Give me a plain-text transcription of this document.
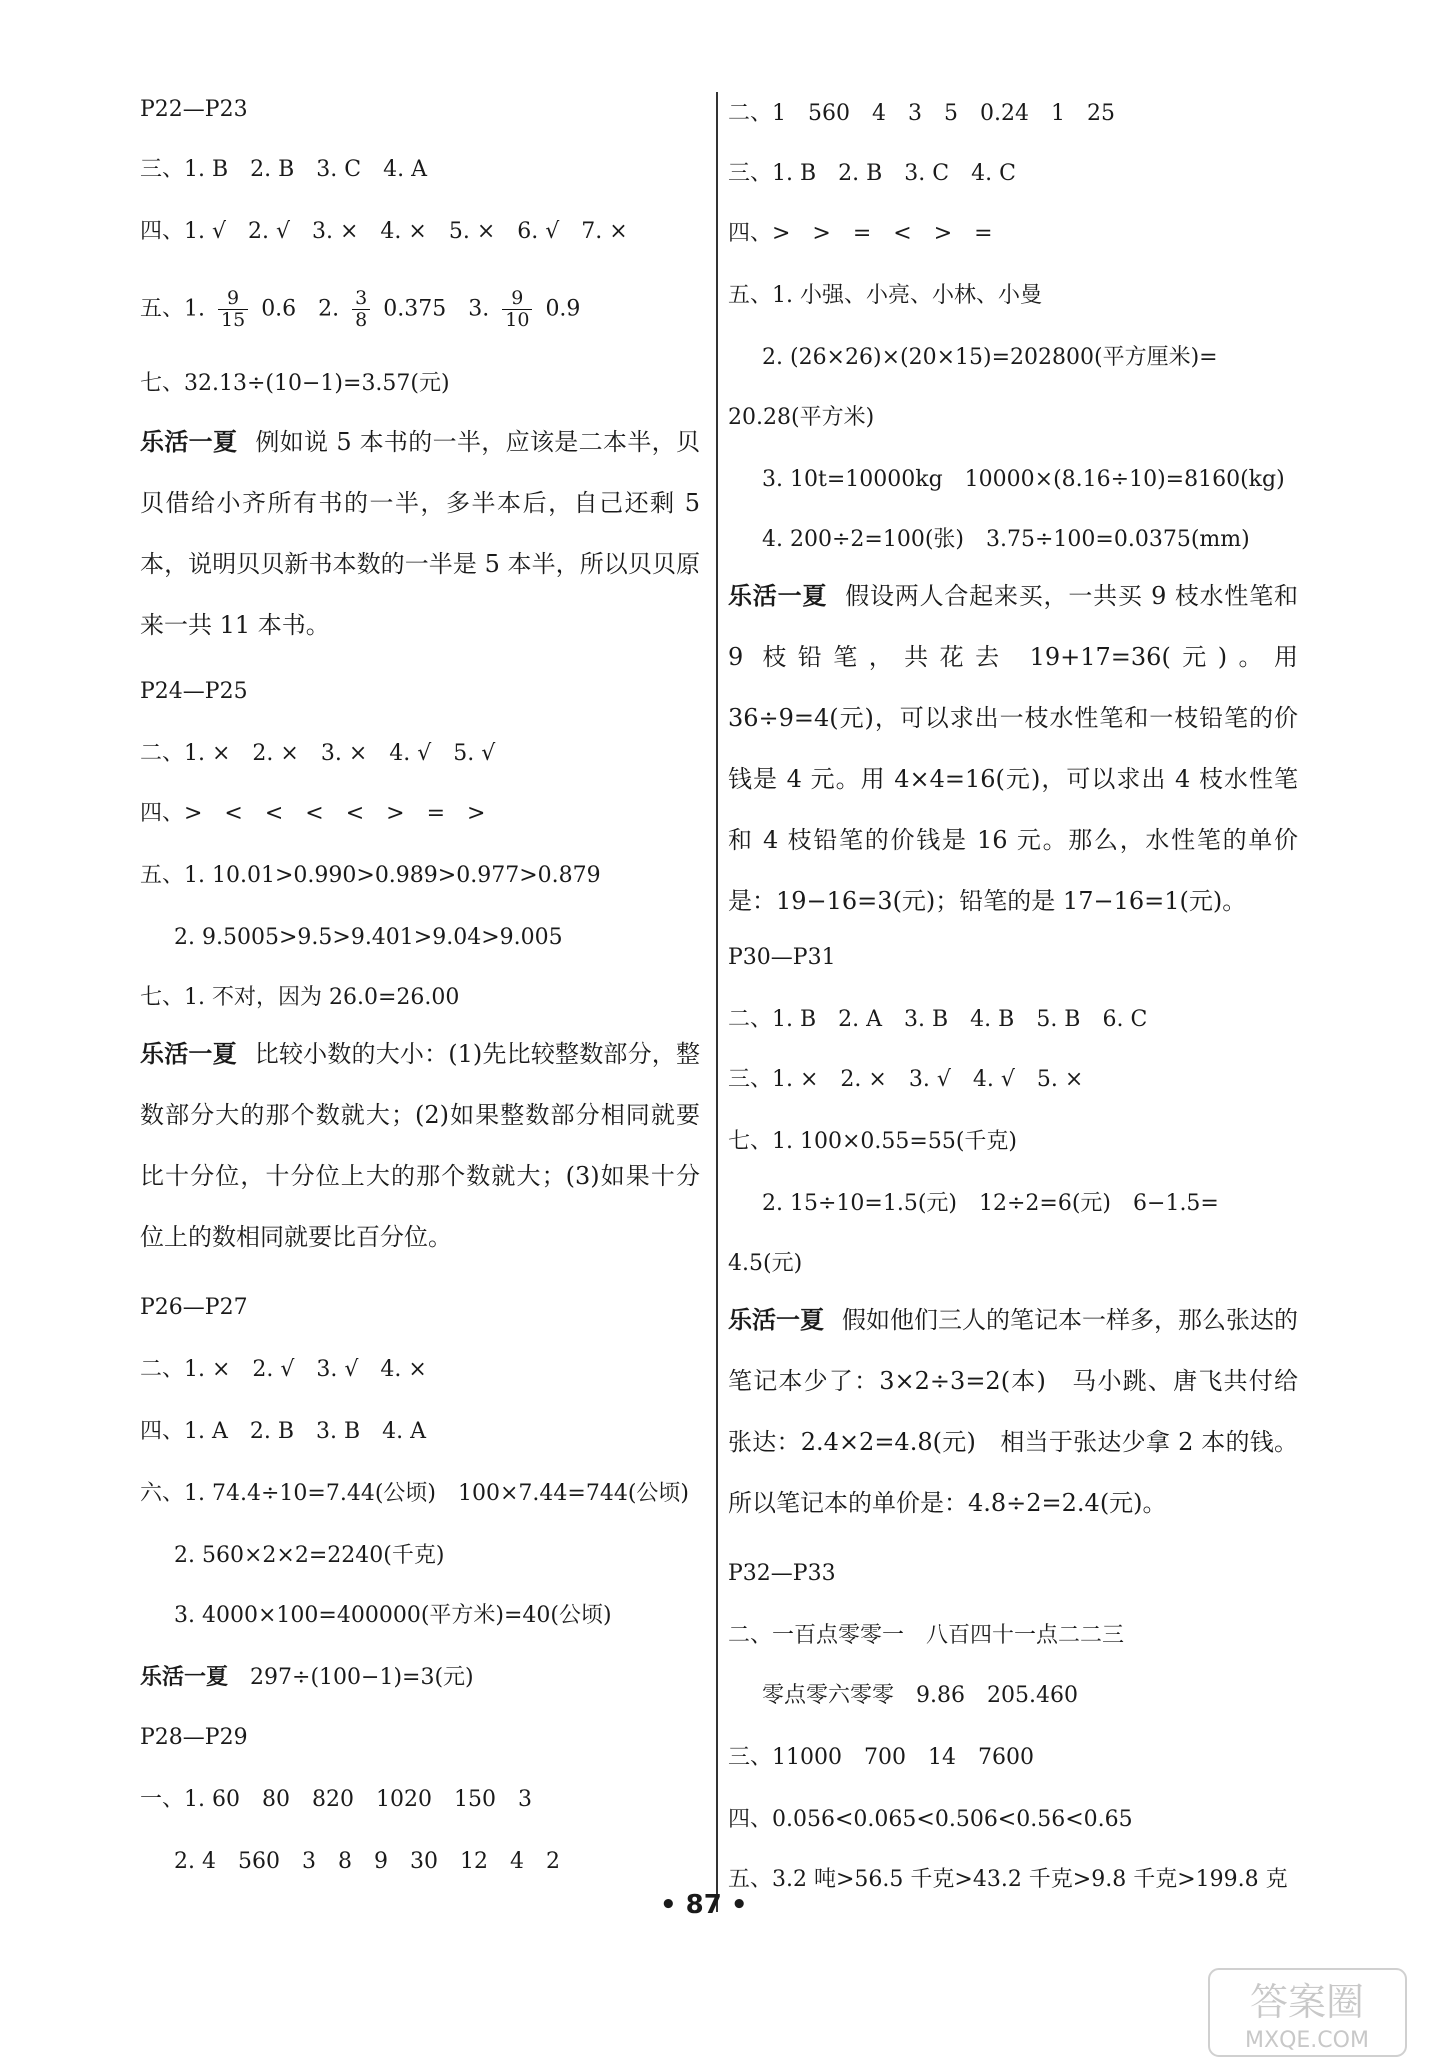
P22—P23
三、1. B　2. B　3. C　4. A
四、1. √　2. √　3. ×　4. ×　5. ×　6. √　7. ×
五、1. $\frac{9}{15} 0.6$　2. $\frac{3}{8} 0.375$　3. $\frac{9}{10} 0.9$
七、32.13÷(10−1)=3.57(元)
乐活一夏 例如说 5 本书的一半，应该是二本半，贝贝借给小齐所有书的一半，多半本后，自己还剩 5 本，说明贝贝新书本数的一半是 5 本半，所以贝贝原来一共 11 本书。
P24—P25
二、1. ×　2. ×　3. ×　4. √　5. √
四、>　<　<　<　<　>　=　>
五、1. 10.01>0.990>0.989>0.977>0.879
2. 9.5005>9.5>9.401>9.04>9.005
七、1. 不对，因为 26.0=26.00
乐活一夏 比较小数的大小：(1)先比较整数部分，整数部分大的那个数就大；(2)如果整数部分相同就要比十分位，十分位上大的那个数就大；(3)如果十分位上的数相同就要比百分位。
P26—P27
二、1. ×　2. √　3. √　4. ×
四、1. A　2. B　3. B　4. A
六、1. 74.4÷10=7.44(公顷)　100×7.44=744(公顷)
2. 560×2×2=2240(千克)
3. 4000×100=400000(平方米)=40(公顷)
乐活一夏　 297÷(100−1)=3(元)
P28—P29
一、1. 60　80　820　1020　150　3
2. 4　560　3　8　9　30　12　4　2
二、1　560　4　3　5　0.24　1　25
三、1. B　2. B　3. C　4. C
四、>　>　=　<　>　=
五、1. 小强、小亮、小林、小曼
2. (26×26)×(20×15)=202800(平方厘米)=
20.28(平方米)
3. 10t=10000kg　10000×(8.16÷10)=8160(kg)
4. 200÷2=100(张)　3.75÷100=0.0375(mm)
乐活一夏 假设两人合起来买，一共买 9 枝水性笔和 9 枝铅笔，共花去 19+17=36(元)。用 36÷9=4(元)，可以求出一枝水性笔和一枝铅笔的价钱是 4 元。用 4×4=16(元)，可以求出 4 枝水性笔和 4 枝铅笔的价钱是 16 元。那么，水性笔的单价是：19−16=3(元)；铅笔的是 17−16=1(元)。
P30—P31
二、1. B　2. A　3. B　4. B　5. B　6. C
三、1. ×　2. ×　3. √　4. √　5. ×
七、1. 100×0.55=55(千克)
2. 15÷10=1.5(元)　12÷2=6(元)　6−1.5=
4.5(元)
乐活一夏 假如他们三人的笔记本一样多，那么张达的笔记本少了：3×2÷3=2(本)　马小跳、唐飞共付给张达：2.4×2=4.8(元)　相当于张达少拿 2 本的钱。所以笔记本的单价是：4.8÷2=2.4(元)。
P32—P33
二、一百点零零一　八百四十一点二二三
零点零六零零　9.86　205.460
三、11000　700　14　7600
四、0.056<0.065<0.506<0.56<0.65
五、3.2 吨>56.5 千克>43.2 千克>9.8 千克>199.8 克
• 87 •
答案圈
MXQE.COM
